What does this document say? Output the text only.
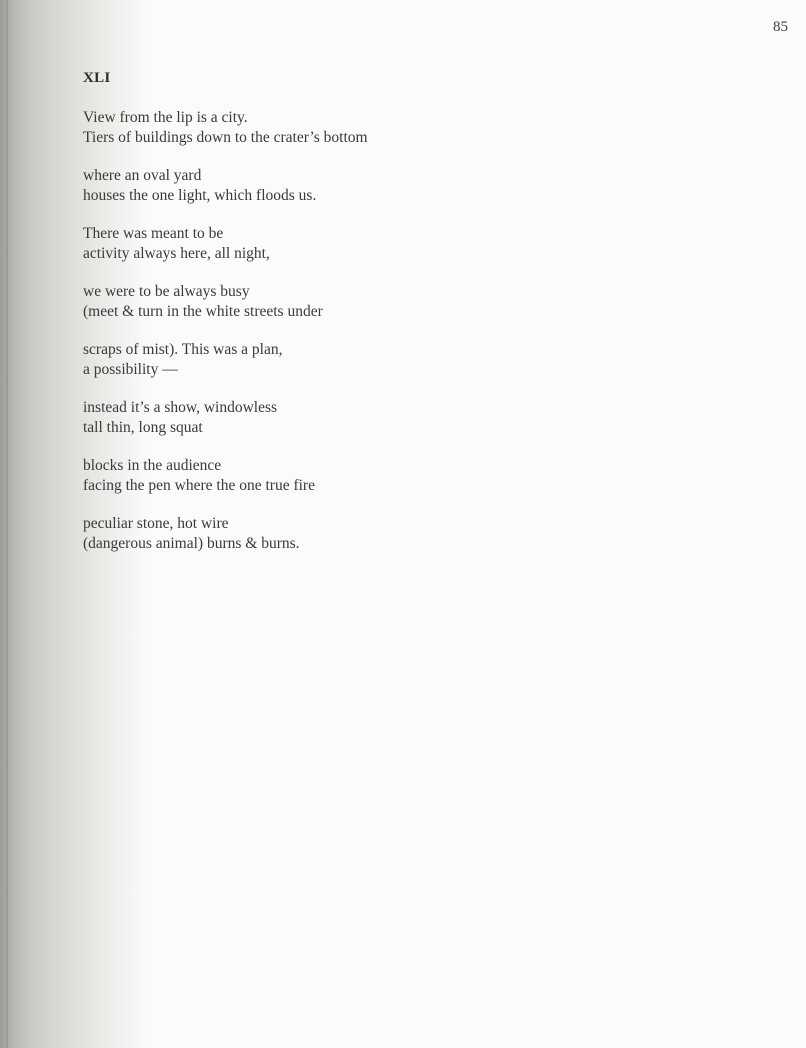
85
XLI
View from the lip is a city.
Tiers of buildings down to the crater’s bottom
where an oval yard
houses the one light, which floods us.
There was meant to be
activity always here, all night,
we were to be always busy
(meet & turn in the white streets under
scraps of mist). This was a plan,
a possibility —
instead it’s a show, windowless
tall thin, long squat
blocks in the audience
facing the pen where the one true fire
peculiar stone, hot wire
(dangerous animal) burns & burns.
